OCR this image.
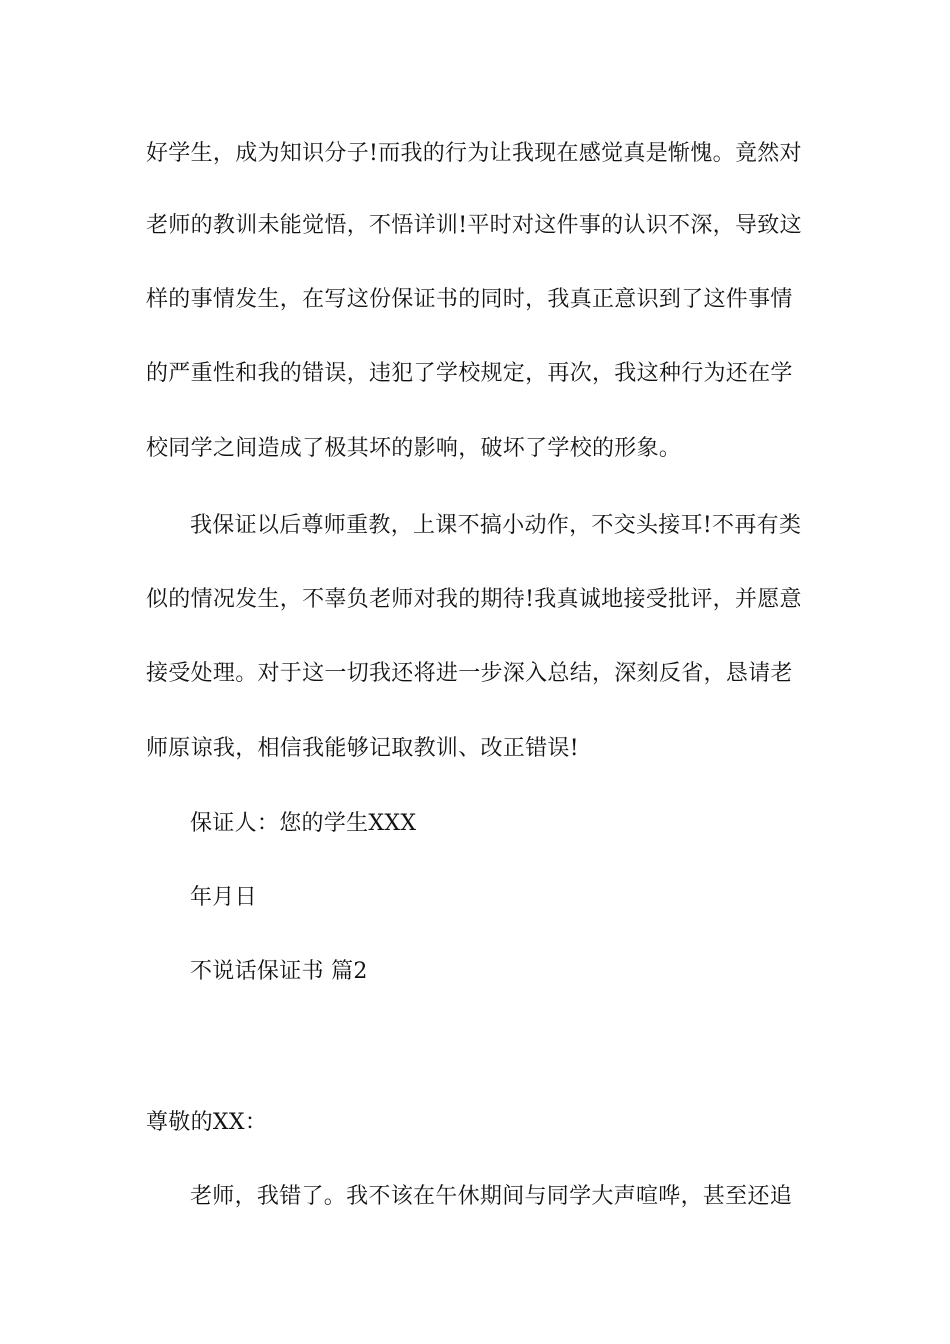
好学生，成为知识分子!而我的行为让我现在感觉真是惭愧。竟然对
老师的教训未能觉悟，不悟详训!平时对这件事的认识不深，导致这
样的事情发生，在写这份保证书的同时，我真正意识到了这件事情
的严重性和我的错误，违犯了学校规定，再次，我这种行为还在学
校同学之间造成了极其坏的影响，破坏了学校的形象。
我保证以后尊师重教，上课不搞小动作，不交头接耳!不再有类
似的情况发生，不辜负老师对我的期待!我真诚地接受批评，并愿意
接受处理。对于这一切我还将进一步深入总结，深刻反省，恳请老
师原谅我，相信我能够记取教训、改正错误!
保证人：您的学生XXX
年月日
不说话保证书 篇2
尊敬的XX：
老师，我错了。我不该在午休期间与同学大声喧哗，甚至还追
